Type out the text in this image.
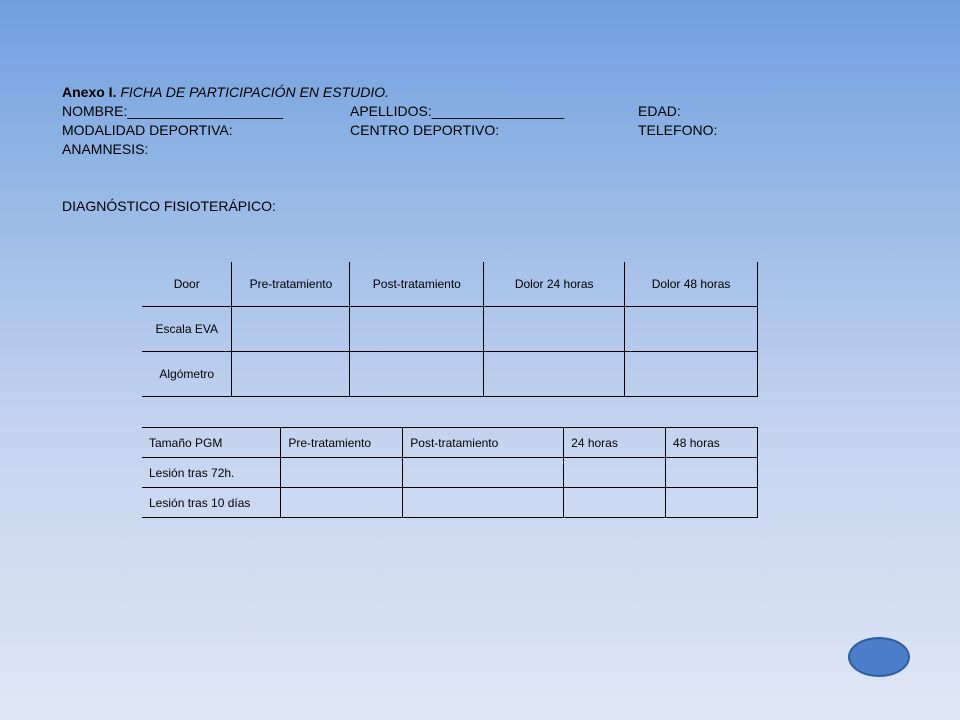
Anexo I. FICHA DE PARTICIPACIÓN EN ESTUDIO.
NOMBRE:____________________	APELLIDOS:_________________	EDAD:
MODALIDAD DEPORTIVA:	CENTRO DEPORTIVO:	TELEFONO:
ANAMNESIS:
DIAGNÓSTICO FISIOTERÁPICO:
Door	Pre-tratamiento	Post-tratamiento	Dolor 24 horas	Dolor 48 horas
Escala EVA				
Algómetro				
Tamaño PGM	Pre-tratamiento	Post-tratamiento	24 horas	48 horas
Lesión tras 72h.				
Lesión tras 10 días				
